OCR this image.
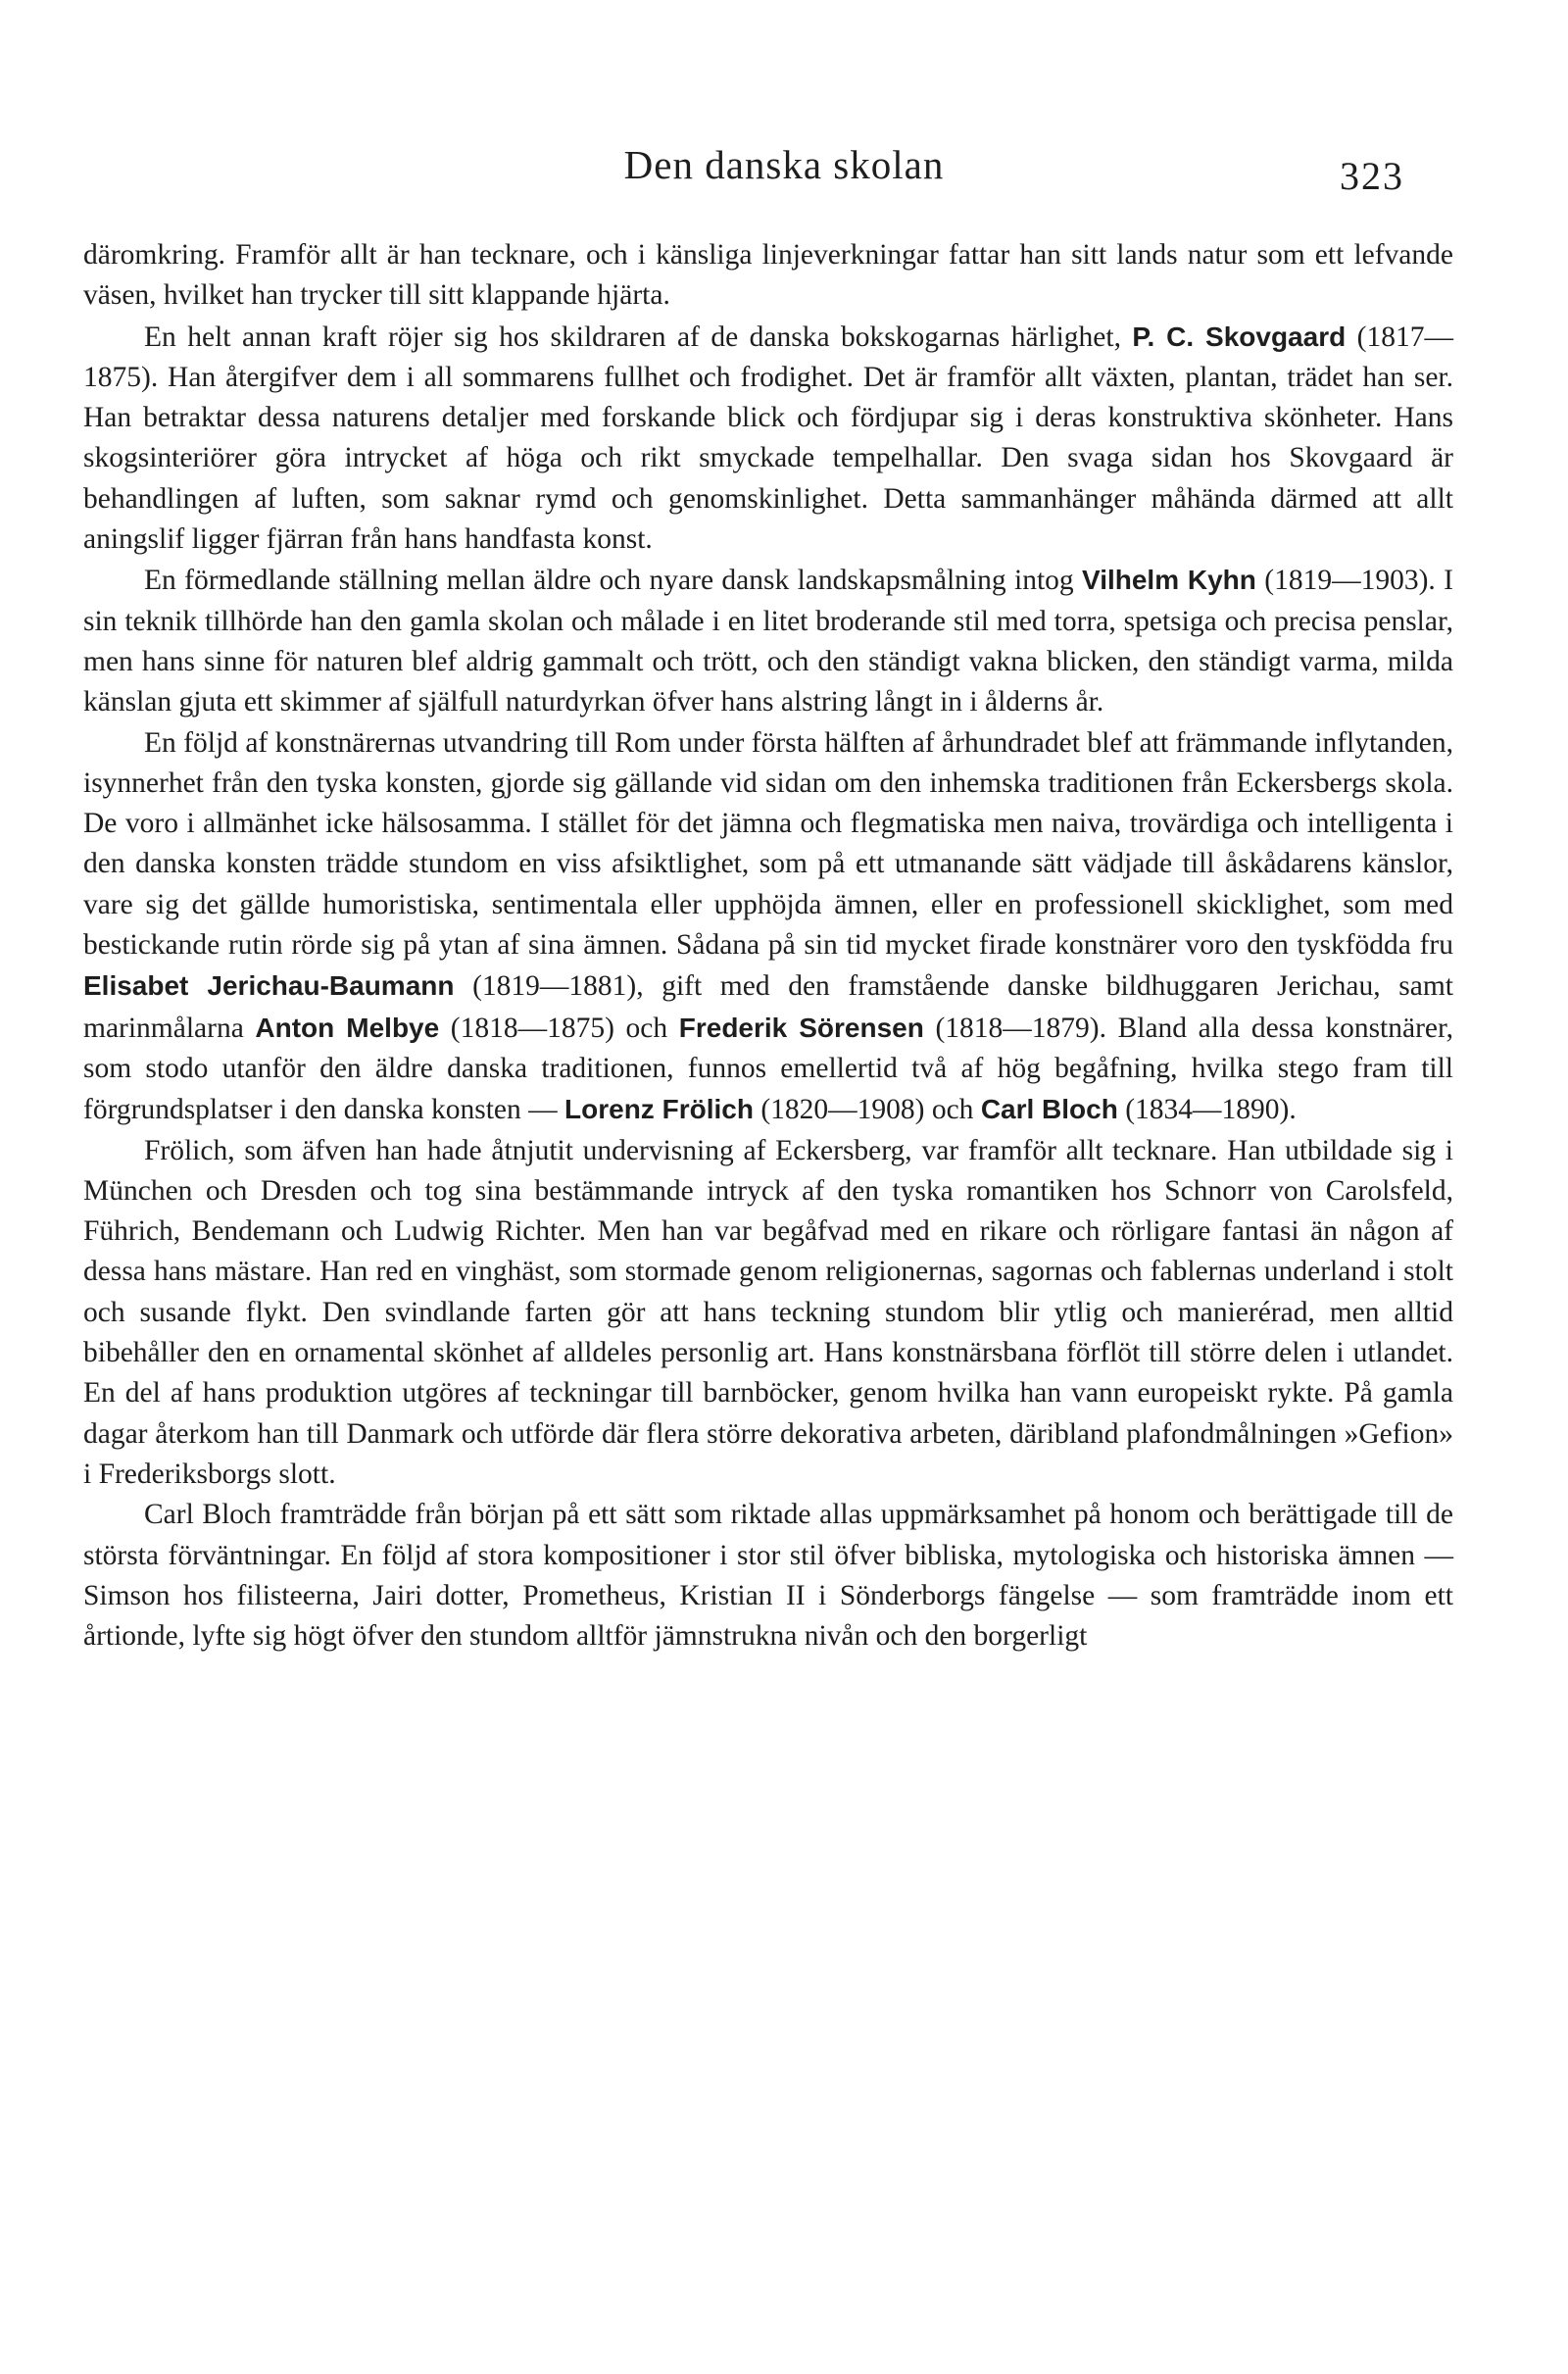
Den danska skolan	323

däromkring. Framför allt är han tecknare, och i känsliga linjeverkningar fattar han sitt lands natur som ett lefvande väsen, hvilket han trycker till sitt klappande hjärta.

En helt annan kraft röjer sig hos skildraren af de danska bokskogarnas härlighet, P. C. Skovgaard (1817—1875). Han återgifver dem i all sommarens fullhet och frodighet. Det är framför allt växten, plantan, trädet han ser. Han betraktar dessa naturens detaljer med forskande blick och fördjupar sig i deras konstruktiva skönheter. Hans skogsinteriörer göra intrycket af höga och rikt smyckade tempelhallar. Den svaga sidan hos Skovgaard är behandlingen af luften, som saknar rymd och genomskinlighet. Detta sammanhänger måhända därmed att allt aningslif ligger fjärran från hans handfasta konst.

En förmedlande ställning mellan äldre och nyare dansk landskapsmålning intog Vilhelm Kyhn (1819—1903). I sin teknik tillhörde han den gamla skolan och målade i en litet broderande stil med torra, spetsiga och precisa penslar, men hans sinne för naturen blef aldrig gammalt och trött, och den ständigt vakna blicken, den ständigt varma, milda känslan gjuta ett skimmer af själfull naturdyrkan öfver hans alstring långt in i ålderns år.

En följd af konstnärernas utvandring till Rom under första hälften af århundradet blef att främmande inflytanden, isynnerhet från den tyska konsten, gjorde sig gällande vid sidan om den inhemska traditionen från Eckersbergs skola. De voro i allmänhet icke hälsosamma. I stället för det jämna och flegmatiska men naiva, trovärdiga och intelligenta i den danska konsten trädde stundom en viss afsiktlighet, som på ett utmanande sätt vädjade till åskådarens känslor, vare sig det gällde humoristiska, sentimentala eller upphöjda ämnen, eller en professionell skicklighet, som med bestickande rutin rörde sig på ytan af sina ämnen. Sådana på sin tid mycket firade konstnärer voro den tyskfödda fru Elisabet Jerichau-Baumann (1819—1881), gift med den framstående danske bildhuggaren Jerichau, samt marinmålarna Anton Melbye (1818—1875) och Frederik Sörensen (1818—1879). Bland alla dessa konstnärer, som stodo utanför den äldre danska traditionen, funnos emellertid två af hög begåfning, hvilka stego fram till förgrundsplatser i den danska konsten — Lorenz Frölich (1820—1908) och Carl Bloch (1834—1890).

Frölich, som äfven han hade åtnjutit undervisning af Eckersberg, var framför allt tecknare. Han utbildade sig i München och Dresden och tog sina bestämmande intryck af den tyska romantiken hos Schnorr von Carolsfeld, Führich, Bendemann och Ludwig Richter. Men han var begåfvad med en rikare och rörligare fantasi än någon af dessa hans mästare. Han red en vinghäst, som stormade genom religionernas, sagornas och fablernas underland i stolt och susande flykt. Den svindlande farten gör att hans teckning stundom blir ytlig och manierérad, men alltid bibehåller den en ornamental skönhet af alldeles personlig art. Hans konstnärsbana förflöt till större delen i utlandet. En del af hans produktion utgöres af teckningar till barnböcker, genom hvilka han vann europeiskt rykte. På gamla dagar återkom han till Danmark och utförde där flera större dekorativa arbeten, däribland plafondmålningen »Gefion» i Frederiksborgs slott.

Carl Bloch framträdde från början på ett sätt som riktade allas uppmärksamhet på honom och berättigade till de största förväntningar. En följd af stora kompositioner i stor stil öfver bibliska, mytologiska och historiska ämnen — Simson hos filisteerna, Jairi dotter, Prometheus, Kristian II i Sönderborgs fängelse — som framträdde inom ett årtionde, lyfte sig högt öfver den stundom alltför jämnstrukna nivån och den borgerligt
